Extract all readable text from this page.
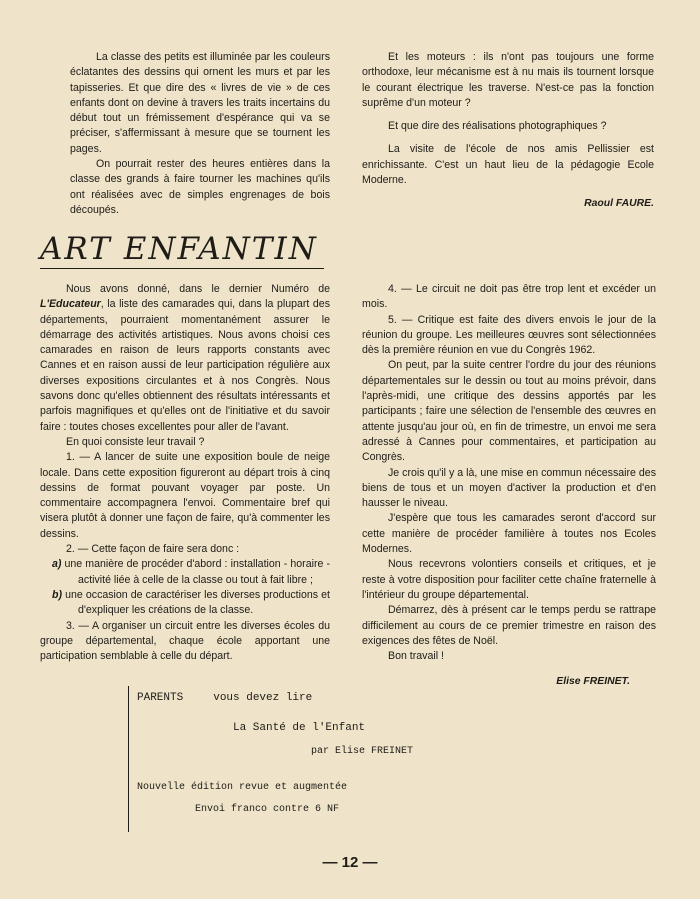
La classe des petits est illuminée par les couleurs éclatantes des dessins qui ornent les murs et par les tapisseries. Et que dire des « livres de vie » de ces enfants dont on devine à travers les traits incertains du début tout un frémissement d'espérance qui va se préciser, s'affermissant à mesure que se tournent les pages.

On pourrait rester des heures entières dans la classe des grands à faire tourner les machines qu'ils ont réalisées avec de simples engrenages de bois découpés.

Et les moteurs : ils n'ont pas toujours une forme orthodoxe, leur mécanisme est à nu mais ils tournent lorsque le courant électrique les traverse. N'est-ce pas la fonction suprême d'un moteur ?

Et que dire des réalisations photographiques ?

La visite de l'école de nos amis Pellissier est enrichissante. C'est un haut lieu de la pédagogie Ecole Moderne.

Raoul FAURE.

ART ENFANTIN

Nous avons donné, dans le dernier Numéro de L'Educateur, la liste des camarades qui, dans la plupart des départements, pourraient momentanément assurer le démarrage des activités artistiques. Nous avons choisi ces camarades en raison de leurs rapports constants avec Cannes et en raison aussi de leur participation régulière aux diverses expositions circulantes et à nos Congrès. Nous savons donc qu'elles obtiennent des résultats intéressants et parfois magnifiques et qu'elles ont de l'initiative et du savoir faire : toutes choses excellentes pour aller de l'avant.

En quoi consiste leur travail ?

1. — A lancer de suite une exposition boule de neige locale. Dans cette exposition figureront au départ trois à cinq dessins de format pouvant voyager par poste. Un commentaire accompagnera l'envoi. Commentaire bref qui visera plutôt à donner une façon de faire, qu'à commenter les dessins.

2. — Cette façon de faire sera donc :

a) une manière de procéder d'abord : installation - horaire - activité liée à celle de la classe ou tout à fait libre ;

b) une occasion de caractériser les diverses productions et d'expliquer les créations de la classe.

3. — A organiser un circuit entre les diverses écoles du groupe départemental, chaque école apportant une participation semblable à celle du départ.

4. — Le circuit ne doit pas être trop lent et excéder un mois.

5. — Critique est faite des divers envois le jour de la réunion du groupe. Les meilleures œuvres sont sélectionnées dès la première réunion en vue du Congrès 1962.

On peut, par la suite centrer l'ordre du jour des réunions départementales sur le dessin ou tout au moins prévoir, dans l'après-midi, une critique des dessins apportés par les participants ; faire une sélection de l'ensemble des œuvres en attente jusqu'au jour où, en fin de trimestre, un envoi me sera adressé à Cannes pour commentaires, et participation au Congrès.

Je crois qu'il y a là, une mise en commun nécessaire des biens de tous et un moyen d'activer la production et d'en hausser le niveau.

J'espère que tous les camarades seront d'accord sur cette manière de procéder familière à toutes nos Ecoles Modernes.

Nous recevrons volontiers conseils et critiques, et je reste à votre disposition pour faciliter cette chaîne fraternelle à l'intérieur du groupe départemental.

Démarrez, dès à présent car le temps perdu se rattrape difficilement au cours de ce premier trimestre en raison des exigences des fêtes de Noël.

Bon travail !

Elise FREINET.

PARENTS	vous devez lire
La Santé de l'Enfant
par Elise FREINET
Nouvelle édition revue et augmentée
Envoi franco contre 6 NF
— 12 —
